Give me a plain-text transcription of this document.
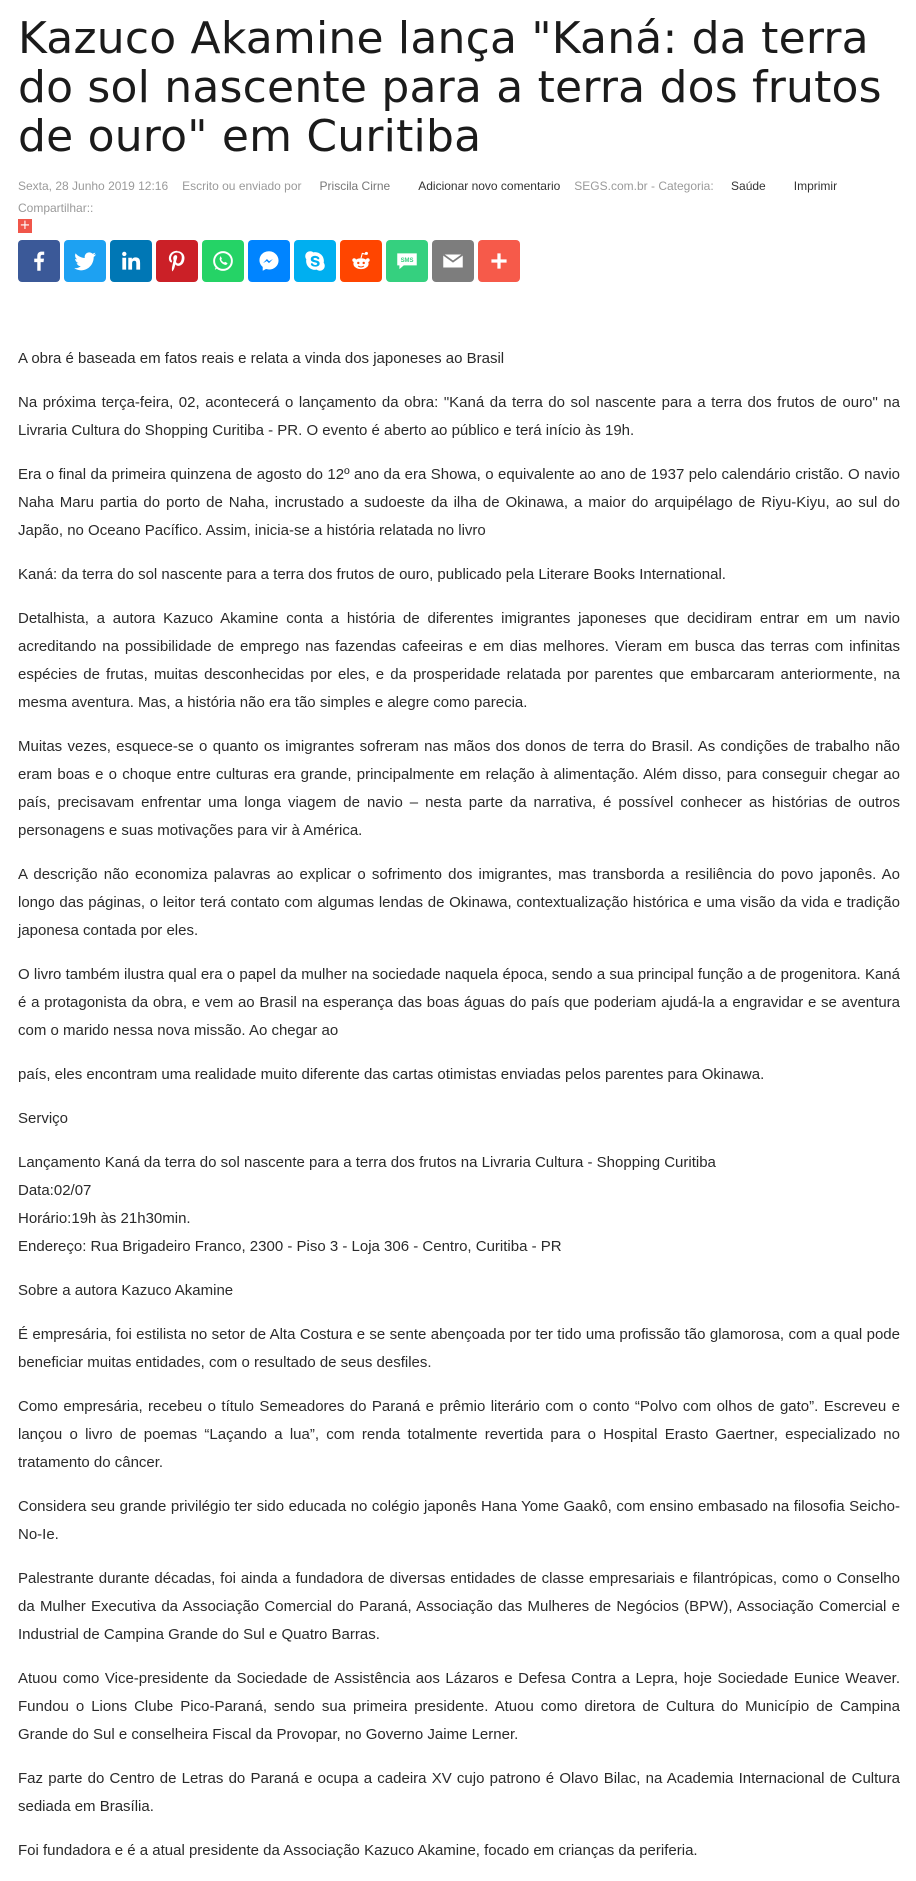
Kazuco Akamine lança "Kaná: da terra do sol nascente para a terra dos frutos de ouro" em Curitiba
Sexta, 28 Junho 2019 12:16 Escrito ou enviado por Priscila Cirne Adicionar novo comentario SEGS.com.br - Categoria: Saúde Imprimir
Compartilhar::
+
SMS

A obra é baseada em fatos reais e relata a vinda dos japoneses ao Brasil

Na próxima terça-feira, 02, acontecerá o lançamento da obra: "Kaná da terra do sol nascente para a terra dos frutos de ouro" na Livraria Cultura do Shopping Curitiba - PR. O evento é aberto ao público e terá início às 19h.

Era o final da primeira quinzena de agosto do 12º ano da era Showa, o equivalente ao ano de 1937 pelo calendário cristão. O navio Naha Maru partia do porto de Naha, incrustado a sudoeste da ilha de Okinawa, a maior do arquipélago de Riyu-Kiyu, ao sul do Japão, no Oceano Pacífico. Assim, inicia-se a história relatada no livro

Kaná: da terra do sol nascente para a terra dos frutos de ouro, publicado pela Literare Books International.

Detalhista, a autora Kazuco Akamine conta a história de diferentes imigrantes japoneses que decidiram entrar em um navio acreditando na possibilidade de emprego nas fazendas cafeeiras e em dias melhores. Vieram em busca das terras com infinitas espécies de frutas, muitas desconhecidas por eles, e da prosperidade relatada por parentes que embarcaram anteriormente, na mesma aventura. Mas, a história não era tão simples e alegre como parecia.

Muitas vezes, esquece-se o quanto os imigrantes sofreram nas mãos dos donos de terra do Brasil. As condições de trabalho não eram boas e o choque entre culturas era grande, principalmente em relação à alimentação. Além disso, para conseguir chegar ao país, precisavam enfrentar uma longa viagem de navio – nesta parte da narrativa, é possível conhecer as histórias de outros personagens e suas motivações para vir à América.

A descrição não economiza palavras ao explicar o sofrimento dos imigrantes, mas transborda a resiliência do povo japonês. Ao longo das páginas, o leitor terá contato com algumas lendas de Okinawa, contextualização histórica e uma visão da vida e tradição japonesa contada por eles.

O livro também ilustra qual era o papel da mulher na sociedade naquela época, sendo a sua principal função a de progenitora. Kaná é a protagonista da obra, e vem ao Brasil na esperança das boas águas do país que poderiam ajudá-la a engravidar e se aventura com o marido nessa nova missão. Ao chegar ao

país, eles encontram uma realidade muito diferente das cartas otimistas enviadas pelos parentes para Okinawa.

Serviço

Lançamento Kaná da terra do sol nascente para a terra dos frutos na Livraria Cultura - Shopping Curitiba
Data:02/07
Horário:19h às 21h30min.
Endereço: Rua Brigadeiro Franco, 2300 - Piso 3 - Loja 306 - Centro, Curitiba - PR

Sobre a autora Kazuco Akamine

É empresária, foi estilista no setor de Alta Costura e se sente abençoada por ter tido uma profissão tão glamorosa, com a qual pode beneficiar muitas entidades, com o resultado de seus desfiles.

Como empresária, recebeu o título Semeadores do Paraná e prêmio literário com o conto “Polvo com olhos de gato”. Escreveu e lançou o livro de poemas “Laçando a lua”, com renda totalmente revertida para o Hospital Erasto Gaertner, especializado no tratamento do câncer.

Considera seu grande privilégio ter sido educada no colégio japonês Hana Yome Gaakô, com ensino embasado na filosofia Seicho-No-Ie.

Palestrante durante décadas, foi ainda a fundadora de diversas entidades de classe empresariais e filantrópicas, como o Conselho da Mulher Executiva da Associação Comercial do Paraná, Associação das Mulheres de Negócios (BPW), Associação Comercial e Industrial de Campina Grande do Sul e Quatro Barras.

Atuou como Vice-presidente da Sociedade de Assistência aos Lázaros e Defesa Contra a Lepra, hoje Sociedade Eunice Weaver. Fundou o Lions Clube Pico-Paraná, sendo sua primeira presidente. Atuou como diretora de Cultura do Município de Campina Grande do Sul e conselheira Fiscal da Provopar, no Governo Jaime Lerner.

Faz parte do Centro de Letras do Paraná e ocupa a cadeira XV cujo patrono é Olavo Bilac, na Academia Internacional de Cultura sediada em Brasília.

Foi fundadora e é a atual presidente da Associação Kazuco Akamine, focado em crianças da periferia.
